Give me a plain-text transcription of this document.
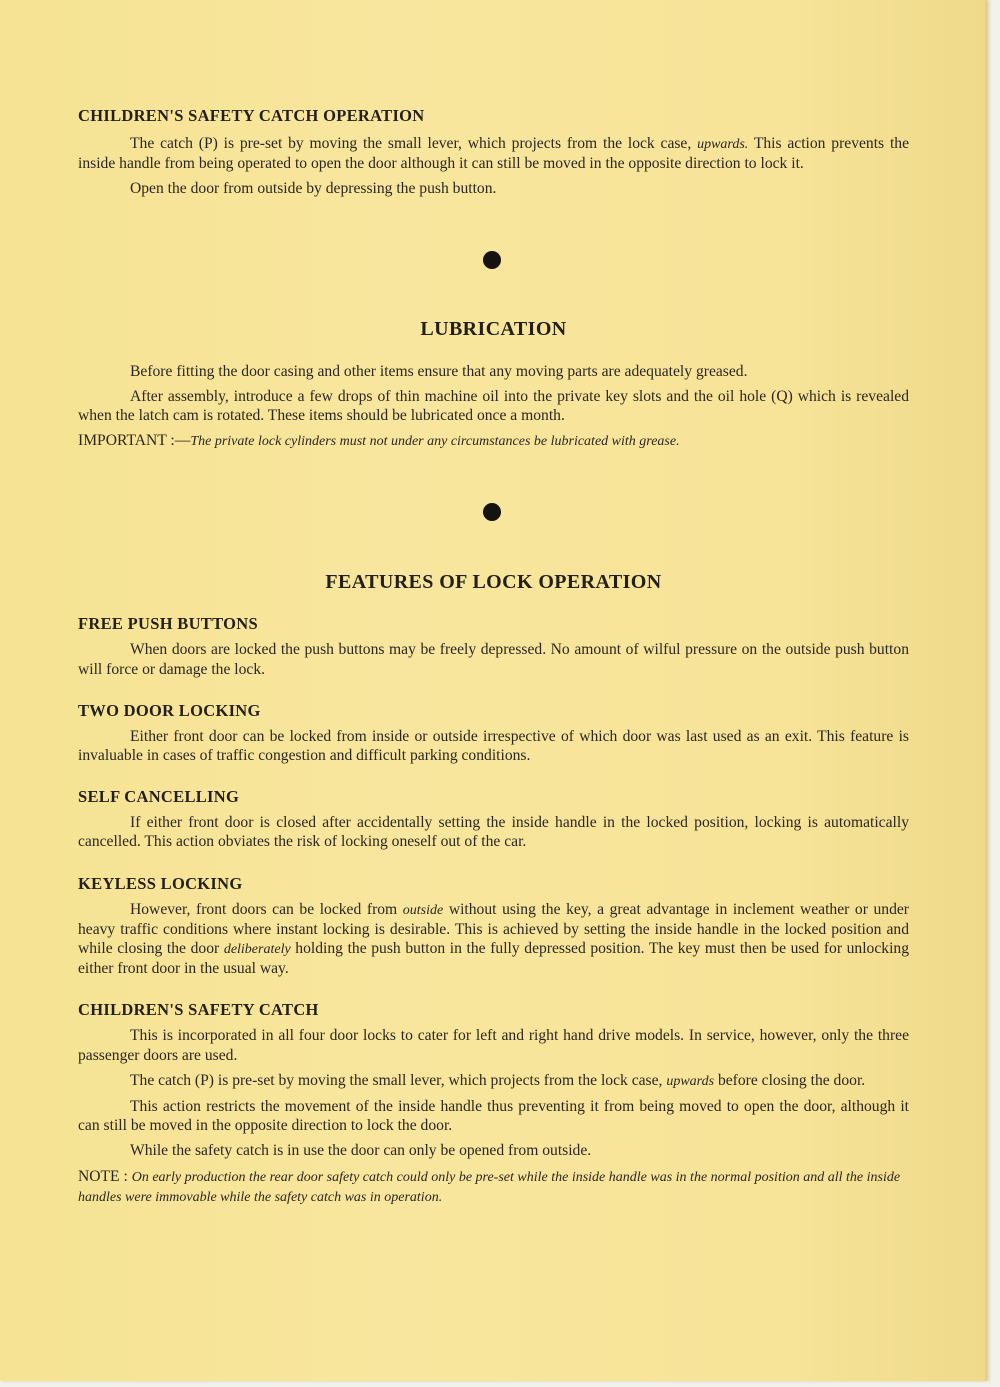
CHILDREN'S SAFETY CATCH OPERATION

The catch (P) is pre-set by moving the small lever, which projects from the lock case, upwards. This action prevents the inside handle from being operated to open the door although it can still be moved in the opposite direction to lock it.

Open the door from outside by depressing the push button.

LUBRICATION

Before fitting the door casing and other items ensure that any moving parts are adequately greased.

After assembly, introduce a few drops of thin machine oil into the private key slots and the oil hole (Q) which is revealed when the latch cam is rotated. These items should be lubricated once a month.

IMPORTANT :—The private lock cylinders must not under any circumstances be lubricated with grease.

FEATURES OF LOCK OPERATION
FREE PUSH BUTTONS

When doors are locked the push buttons may be freely depressed. No amount of wilful pressure on the outside push button will force or damage the lock.

TWO DOOR LOCKING

Either front door can be locked from inside or outside irrespective of which door was last used as an exit. This feature is invaluable in cases of traffic congestion and difficult parking conditions.

SELF CANCELLING

If either front door is closed after accidentally setting the inside handle in the locked position, locking is automatically cancelled. This action obviates the risk of locking oneself out of the car.

KEYLESS LOCKING

However, front doors can be locked from outside without using the key, a great advantage in inclement weather or under heavy traffic conditions where instant locking is desirable. This is achieved by setting the inside handle in the locked position and while closing the door deliberately holding the push button in the fully depressed position. The key must then be used for unlocking either front door in the usual way.

CHILDREN'S SAFETY CATCH

This is incorporated in all four door locks to cater for left and right hand drive models. In service, however, only the three passenger doors are used.

The catch (P) is pre-set by moving the small lever, which projects from the lock case, upwards before closing the door.

This action restricts the movement of the inside handle thus preventing it from being moved to open the door, although it can still be moved in the opposite direction to lock the door.

While the safety catch is in use the door can only be opened from outside.

NOTE : On early production the rear door safety catch could only be pre-set while the inside handle was in the normal position and all the inside handles were immovable while the safety catch was in operation.
